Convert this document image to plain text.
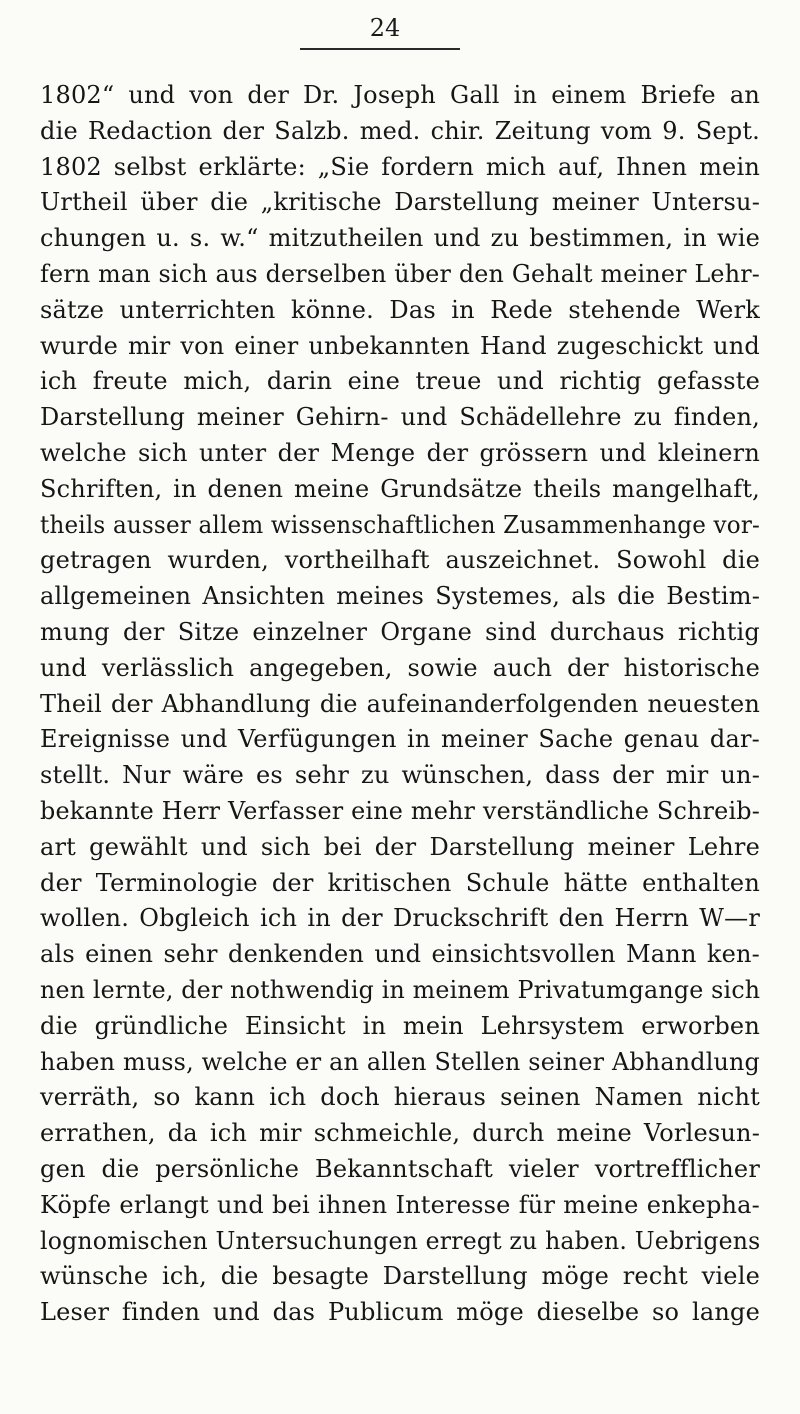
24
1802“ und von der Dr. Joseph Gall in einem Briefe an
die Redaction der Salzb. med. chir. Zeitung vom 9. Sept.
1802 selbst erklärte: „Sie fordern mich auf, Ihnen mein
Urtheil über die „kritische Darstellung meiner Untersu-
chungen u. s. w.“ mitzutheilen und zu bestimmen, in wie
fern man sich aus derselben über den Gehalt meiner Lehr-
sätze unterrichten könne. Das in Rede stehende Werk
wurde mir von einer unbekannten Hand zugeschickt und
ich freute mich, darin eine treue und richtig gefasste
Darstellung meiner Gehirn- und Schädellehre zu finden,
welche sich unter der Menge der grössern und kleinern
Schriften, in denen meine Grundsätze theils mangelhaft,
theils ausser allem wissenschaftlichen Zusammenhange vor-
getragen wurden, vortheilhaft auszeichnet. Sowohl die
allgemeinen Ansichten meines Systemes, als die Bestim-
mung der Sitze einzelner Organe sind durchaus richtig
und verlässlich angegeben, sowie auch der historische
Theil der Abhandlung die aufeinanderfolgenden neuesten
Ereignisse und Verfügungen in meiner Sache genau dar-
stellt. Nur wäre es sehr zu wünschen, dass der mir un-
bekannte Herr Verfasser eine mehr verständliche Schreib-
art gewählt und sich bei der Darstellung meiner Lehre
der Terminologie der kritischen Schule hätte enthalten
wollen. Obgleich ich in der Druckschrift den Herrn W—r
als einen sehr denkenden und einsichtsvollen Mann ken-
nen lernte, der nothwendig in meinem Privatumgange sich
die gründliche Einsicht in mein Lehrsystem erworben
haben muss, welche er an allen Stellen seiner Abhandlung
verräth, so kann ich doch hieraus seinen Namen nicht
errathen, da ich mir schmeichle, durch meine Vorlesun-
gen die persönliche Bekanntschaft vieler vortrefflicher
Köpfe erlangt und bei ihnen Interesse für meine enkepha-
lognomischen Untersuchungen erregt zu haben. Uebrigens
wünsche ich, die besagte Darstellung möge recht viele
Leser finden und das Publicum möge dieselbe so lange
